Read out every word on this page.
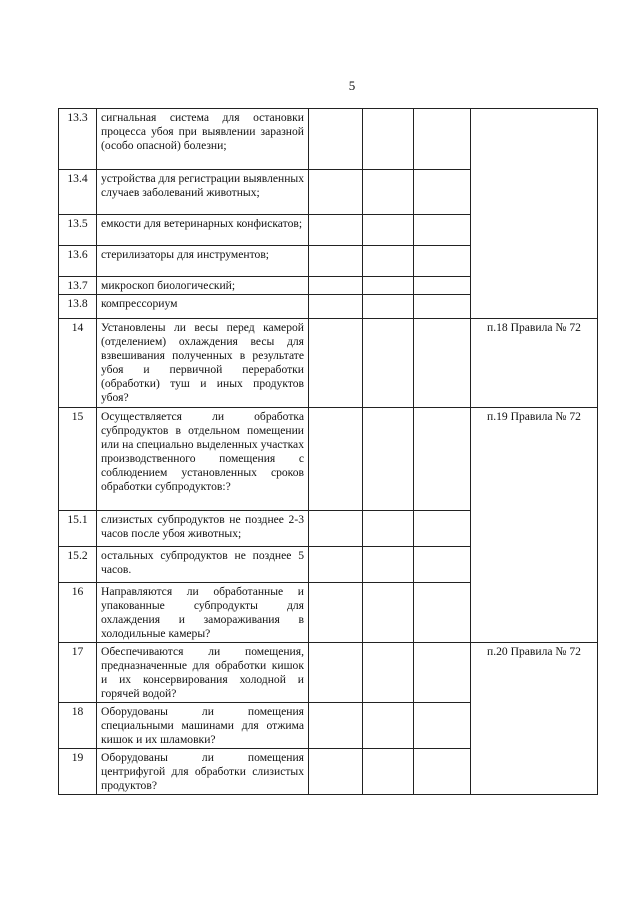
5
13.3	сигнальная система для остановки процесса убоя при выявлении заразной (особо опасной) болезни;				
13.4	устройства для регистрации выявленных случаев заболеваний животных;				
13.5	емкости для ветеринарных конфискатов;				
13.6	стерилизаторы для инструментов;				
13.7	микроскоп биологический;				
13.8	компрессориум				
14	Установлены ли весы перед камерой (отделением) охлаждения весы для взвешивания полученных в результате убоя и первичной переработки (обработки) туш и иных продуктов убоя?				п.18 Правила № 72
15	Осуществляется ли обработка субпродуктов в отдельном помещении или на специально выделенных участках производственного помещения с соблюдением установленных сроков обработки субпродуктов:?				п.19 Правила № 72
15.1	слизистых субпродуктов не позднее 2-3 часов после убоя животных;				
15.2	остальных субпродуктов не позднее 5 часов.				
16	Направляются ли обработанные и упакованные субпродукты для охлаждения и замораживания в холодильные камеры?				
17	Обеспечиваются ли помещения, предназначенные для обработки кишок и их консервирования холодной и горячей водой?				п.20 Правила № 72
18	Оборудованы ли помещения специальными машинами для отжима кишок и их шламовки?				
19	Оборудованы ли помещения центрифугой для обработки слизистых продуктов?				
